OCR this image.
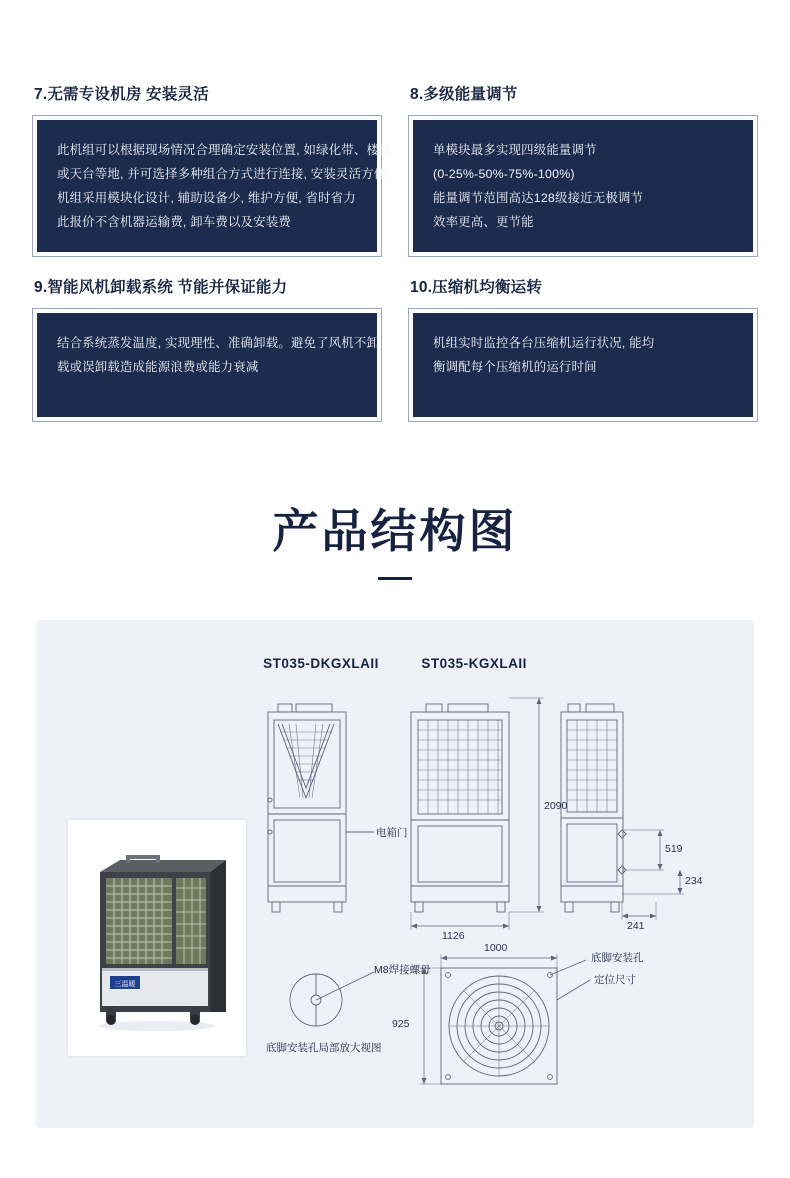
7.无需专设机房 安装灵活

此机组可以根据现场情况合理确定安装位置, 如绿化带、楼顶

或天台等地, 并可选择多种组合方式进行连接, 安装灵活方便

机组采用模块化设计, 辅助设备少, 维护方便, 省时省力

此报价不含机器运输费, 卸车费以及安装费

8.多级能量调节

单模块最多实现四级能量调节

(0-25%-50%-75%-100%)

能量调节范围高达128级接近无极调节

效率更高、更节能

9.智能风机卸载系统 节能并保证能力

结合系统蒸发温度, 实现理性、准确卸载。避免了风机不卸

载或误卸载造成能源浪费或能力衰减

10.压缩机均衡运转

机组实时监控各台压缩机运行状况, 能均

衡调配每个压缩机的运行时间

产品结构图
ST035-DKGXLAII	ST035-KGXLAII
三温暖
2090
1126
519
234
241
1000
925
电箱门
M8焊接螺母
底脚安装孔局部放大视图
底脚安装孔
定位尺寸
